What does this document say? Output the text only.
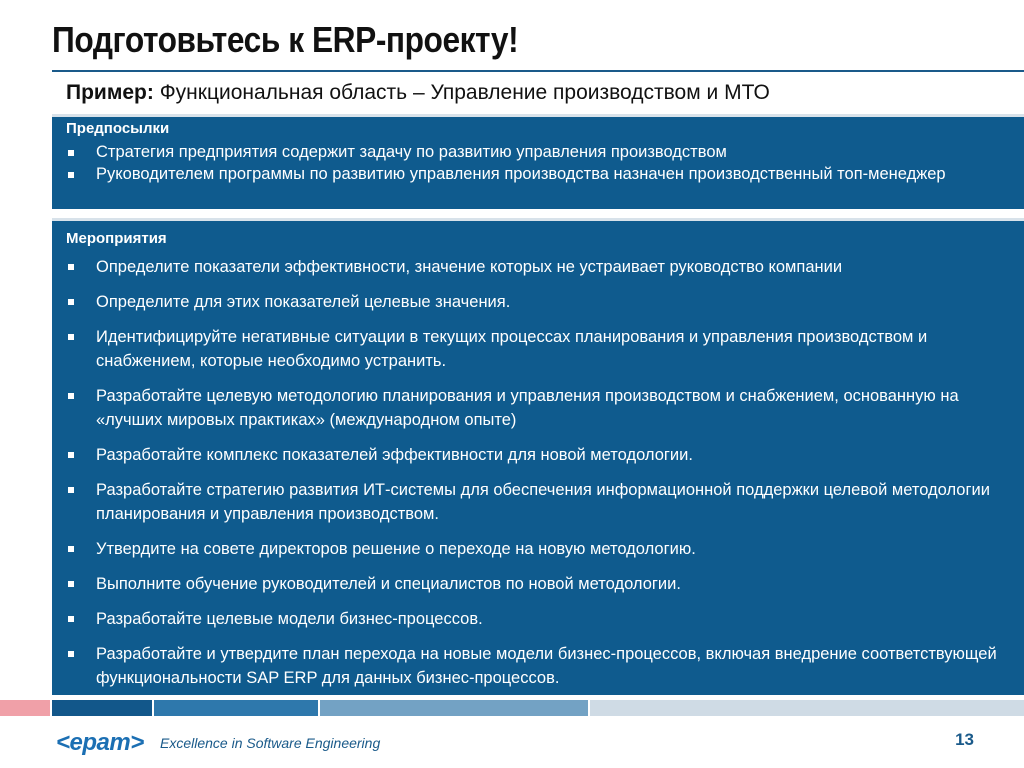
Подготовьтесь к ERP-проекту!
Пример: Функциональная область – Управление производством и МТО
Предпосылки
Стратегия предприятия содержит задачу по развитию управления производством
Руководителем программы по развитию управления производства назначен производственный топ-менеджер
Мероприятия
Определите показатели эффективности, значение которых не устраивает руководство компании
Определите для этих показателей целевые значения.
Идентифицируйте негативные ситуации в текущих процессах планирования и управления производством и снабжением, которые необходимо устранить.
Разработайте целевую методологию планирования и управления производством и снабжением, основанную на «лучших мировых практиках» (международном опыте)
Разработайте комплекс показателей эффективности для новой методологии.
Разработайте стратегию развития ИТ-системы для обеспечения информационной поддержки целевой методологии планирования и управления производством.
Утвердите на совете директоров решение о переходе на новую методологию.
Выполните обучение руководителей и специалистов по новой методологии.
Разработайте целевые модели бизнес-процессов.
Разработайте и утвердите план перехода на новые модели бизнес-процессов, включая внедрение соответствующей функциональности SAP ERP для данных бизнес-процессов.
<epam> Excellence in Software Engineering	13
